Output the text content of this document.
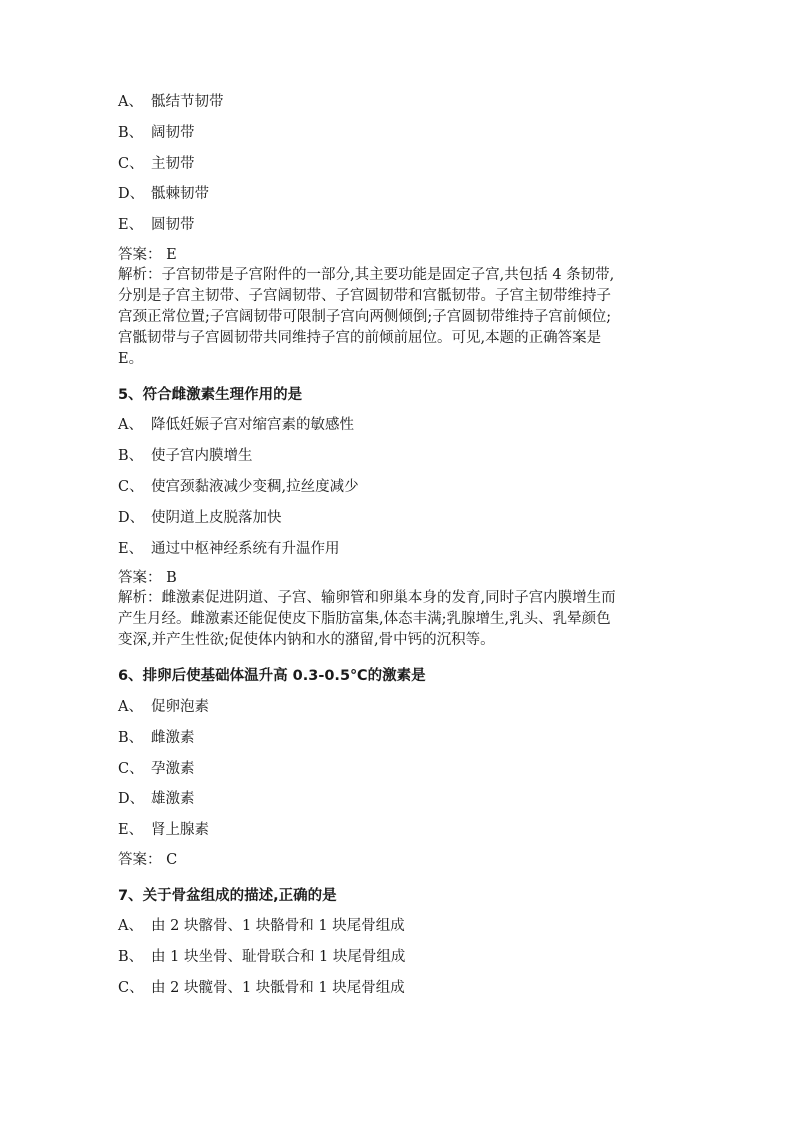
A、 骶结节韧带
B、 阔韧带
C、 主韧带
D、 骶棘韧带
E、 圆韧带
答案： E
解析：子宫韧带是子宫附件的一部分,其主要功能是固定子宫,共包括 4 条韧带,
分别是子宫主韧带、子宫阔韧带、子宫圆韧带和宫骶韧带。子宫主韧带维持子
宫颈正常位置;子宫阔韧带可限制子宫向两侧倾倒;子宫圆韧带维持子宫前倾位;
宫骶韧带与子宫圆韧带共同维持子宫的前倾前屈位。可见,本题的正确答案是
E。
5、符合雌激素生理作用的是
A、 降低妊娠子宫对缩宫素的敏感性
B、 使子宫内膜增生
C、 使宫颈黏液减少变稠,拉丝度减少
D、 使阴道上皮脱落加快
E、 通过中枢神经系统有升温作用
答案： B
解析：雌激素促进阴道、子宫、输卵管和卵巢本身的发育,同时子宫内膜增生而
产生月经。雌激素还能促使皮下脂肪富集,体态丰满;乳腺增生,乳头、乳晕颜色
变深,并产生性欲;促使体内钠和水的潴留,骨中钙的沉积等。
6、排卵后使基础体温升高 0.3-0.5℃的激素是
A、 促卵泡素
B、 雌激素
C、 孕激素
D、 雄激素
E、 肾上腺素
答案： C
7、关于骨盆组成的描述,正确的是
A、 由 2 块髂骨、1 块骼骨和 1 块尾骨组成
B、 由 1 块坐骨、耻骨联合和 1 块尾骨组成
C、 由 2 块髋骨、1 块骶骨和 1 块尾骨组成
